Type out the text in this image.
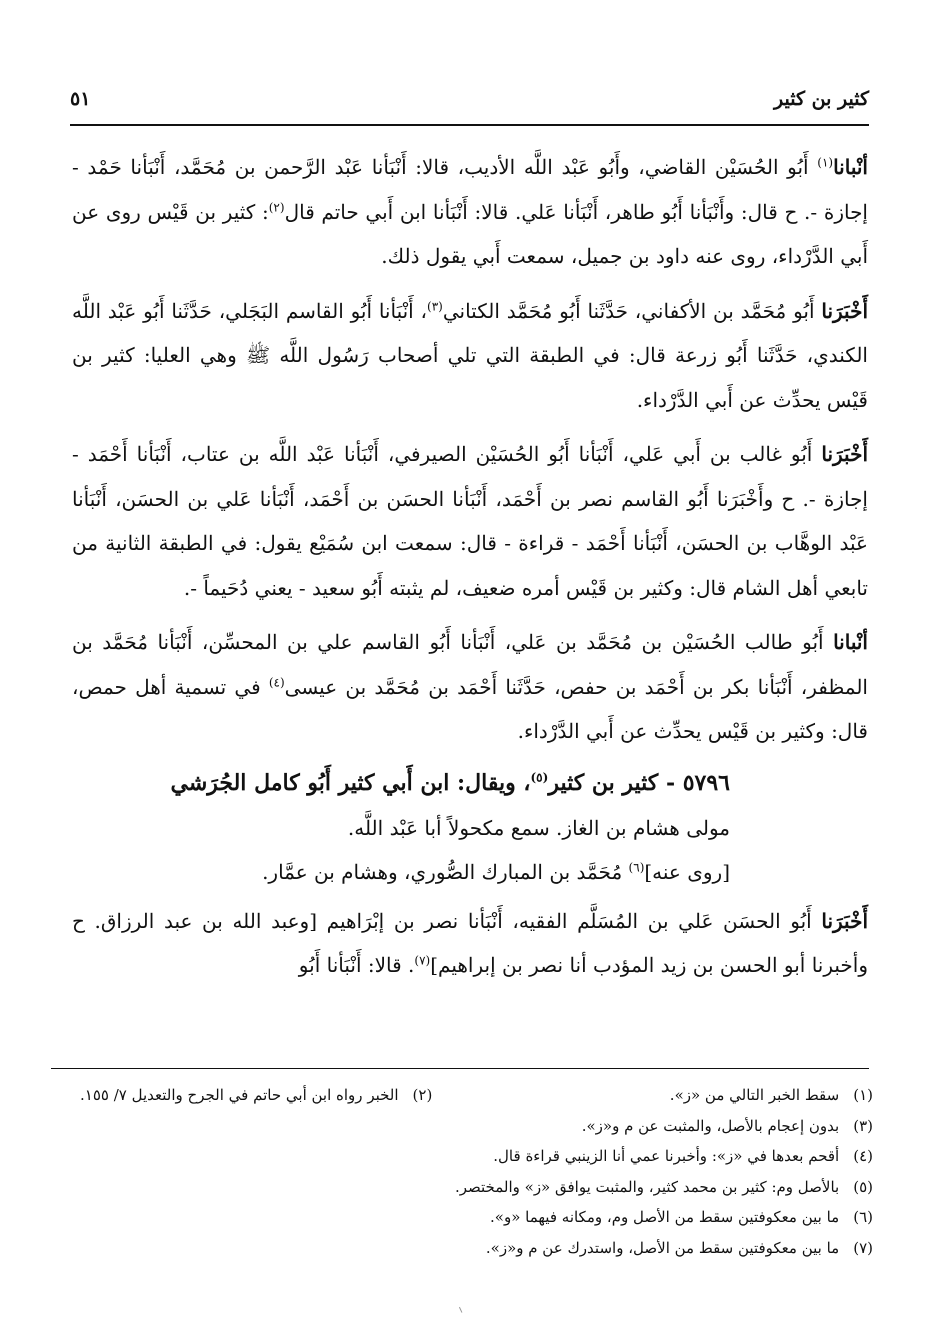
كثير بن كثير
٥١

أنْبانا$^{(١)}$ أَبُو الحُسَيْن القاضي، وأَبُو عَبْد اللَّه الأديب، قالا: أَنْبَأنا عَبْد الرَّحمن بن مُحَمَّد، أَنْبَأنا حَمْد - إجازة -. ح قال: وأَنْبَأنا أَبُو طاهر، أَنْبَأنا عَلي. قالا: أَنْبَأنا ابن أَبي حاتم قال$^{(٢)}$: كثير بن قَيْس روى عن أَبي الدَّرْداء، روى عنه داود بن جميل، سمعت أَبي يقول ذلك.

أَخْبَرَنا أَبُو مُحَمَّد بن الأكفاني، حَدَّثَنا أَبُو مُحَمَّد الكتاني$^{(٣)}$، أَنْبَأنا أَبُو القاسم البَجَلي، حَدَّثَنا أَبُو عَبْد اللَّه الكندي، حَدَّثَنا أَبُو زرعة قال: في الطبقة التي تلي أصحاب رَسُول اللَّه ﷺ وهي العليا: كثير بن قَيْس يحدِّث عن أَبي الدَّرْداء.

أَخْبَرَنا أَبُو غالب بن أَبي عَلي، أَنْبَأنا أَبُو الحُسَيْن الصيرفي، أَنْبَأنا عَبْد اللَّه بن عتاب، أَنْبَأنا أَحْمَد - إجازة -. ح وأَخْبَرَنا أَبُو القاسم نصر بن أَحْمَد، أَنْبَأنا الحسَن بن أَحْمَد، أَنْبَأنا عَلي بن الحسَن، أَنْبَأنا عَبْد الوهَّاب بن الحسَن، أَنْبَأنا أَحْمَد - قراءة - قال: سمعت ابن سُمَيْع يقول: في الطبقة الثانية من تابعي أهل الشام قال: وكثير بن قَيْس أمره ضعيف، لم يثبته أَبُو سعيد - يعني دُحَيماً -.

أنْبانا أَبُو طالب الحُسَيْن بن مُحَمَّد بن عَلي، أَنْبَأنا أَبُو القاسم علي بن المحسِّن، أَنْبَأنا مُحَمَّد بن المظفر، أَنْبَأنا بكر بن أَحْمَد بن حفص، حَدَّثَنا أَحْمَد بن مُحَمَّد بن عيسى$^{(٤)}$ في تسمية أهل حمص، قال: وكثير بن قَيْس يحدِّث عن أَبي الدَّرْداء.

٥٧٩٦ - كثير بن كثير$^{(٥)}$، ويقال: ابن أَبي كثير أَبُو كامل الجُرَشي

مولى هشام بن الغاز. سمع مكحولاً أبا عَبْد اللَّه.

[روى عنه]$^{(٦)}$ مُحَمَّد بن المبارك الصُّوري، وهشام بن عمَّار.

أَخْبَرَنا أَبُو الحسَن عَلي بن المُسَلَّم الفقيه، أَنْبَأنا نصر بن إبْرَاهيم [وعبد الله بن عبد الرزاق. ح وأخبرنا أبو الحسن بن زيد المؤدب أنا نصر بن إبراهيم]$^{(٧)}$. قالا: أَنْبَأنا أَبُو

(١)سقط الخبر التالي من «ز».
(٢)الخبر رواه ابن أبي حاتم في الجرح والتعديل ٧/ ١٥٥.
(٣)بدون إعجام بالأصل، والمثبت عن م و«ز».
(٤)أقحم بعدها في «ز»: وأخبرنا عمي أنا الزينبي قراءة قال.
(٥)بالأصل وم: كثير بن محمد كثير، والمثبت يوافق «ز» والمختصر.
(٦)ما بين معكوفتين سقط من الأصل وم، ومكانه فيهما «و».
(٧)ما بين معكوفتين سقط من الأصل، واستدرك عن م و«ز».
